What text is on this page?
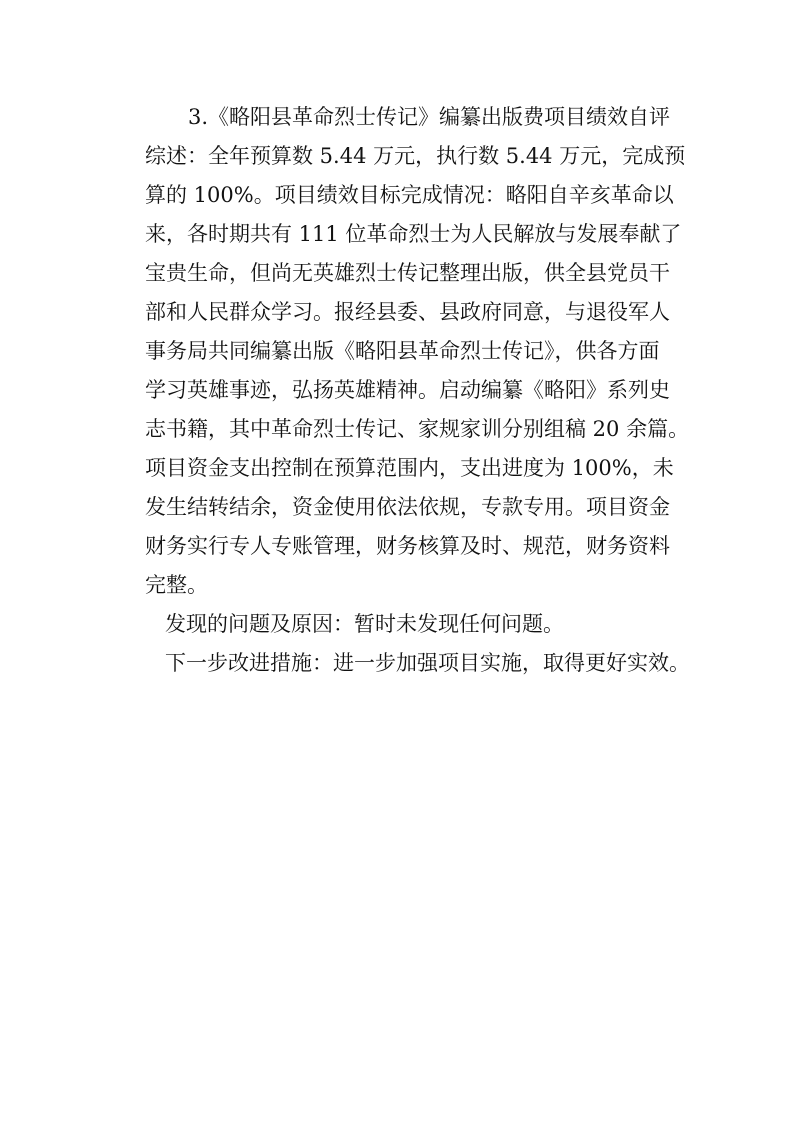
3.《略阳县革命烈士传记》编纂出版费项目绩效自评
综述：全年预算数 5.44 万元，执行数 5.44 万元，完成预
算的 100%。项目绩效目标完成情况：略阳自辛亥革命以
来，各时期共有 111 位革命烈士为人民解放与发展奉献了
宝贵生命，但尚无英雄烈士传记整理出版，供全县党员干
部和人民群众学习。报经县委、县政府同意，与退役军人
事务局共同编纂出版《略阳县革命烈士传记》，供各方面
学习英雄事迹，弘扬英雄精神。启动编纂《略阳》系列史
志书籍，其中革命烈士传记、家规家训分别组稿 20 余篇。
项目资金支出控制在预算范围内，支出进度为 100%，未
发生结转结余，资金使用依法依规，专款专用。项目资金
财务实行专人专账管理，财务核算及时、规范，财务资料
完整。
发现的问题及原因：暂时未发现任何问题。
下一步改进措施：进一步加强项目实施，取得更好实效。
